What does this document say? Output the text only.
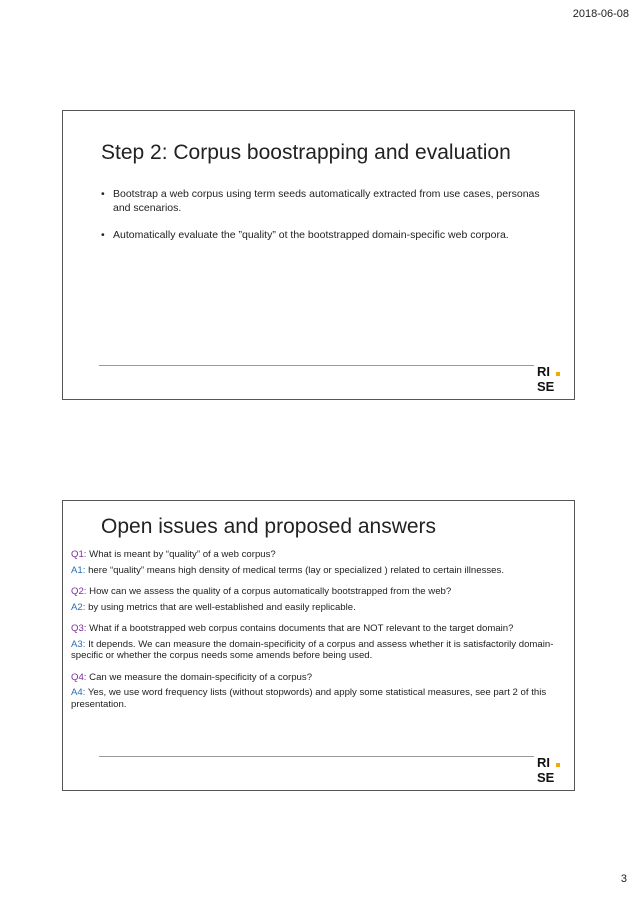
2018-06-08
Step 2: Corpus boostrapping and evaluation
• Bootstrap a web corpus using term seeds automatically extracted from use cases, personas and scenarios.
• Automatically evaluate the ”quality” ot the bootstrapped domain-specific web corpora.
RI
SE
Open issues and proposed answers

Q1: What is meant by “quality” of a web corpus?

A1: here “quality” means high density of medical terms (lay or specialized ) related to certain illnesses.

Q2: How can we assess the quality of a corpus automatically bootstrapped from the web?

A2: by using metrics that are well-established and easily replicable.

Q3: What if a bootstrapped web corpus contains documents that are NOT relevant to the target domain?

A3: It depends. We can measure the domain-specificity of a corpus and assess whether it is satisfactorily domain-specific or whether the corpus needs some amends before being used.

Q4: Can we measure the domain-specificity of a corpus?

A4: Yes, we use word frequency lists (without stopwords) and apply some statistical measures, see part 2 of this presentation.

RI
SE
3
